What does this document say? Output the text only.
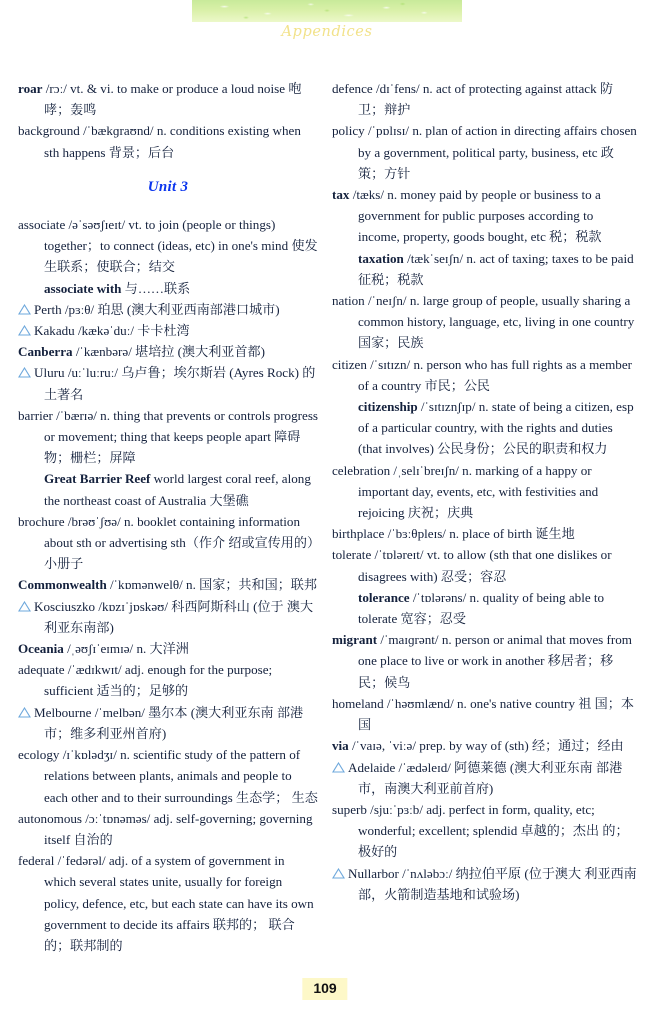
Appendices

roar /rɔː/ vt. & vi. to make or produce a loud noise 咆哮；轰鸣

background /ˈbækɡraʊnd/ n. conditions existing when sth happens 背景；后台

Unit 3

associate /əˈsəʊʃɪeɪt/ vt. to join (people or things) together；to connect (ideas, etc) in one's mind 使发生联系；使联合；结交

associate with 与……联系

Perth /pɜːθ/ 珀思 (澳大利亚西南部港口城市)

Kakadu /kækəˈduː/ 卡卡杜湾

Canberra /ˈkænbərə/ 堪培拉 (澳大利亚首都)

Uluru /uːˈluːruː/ 乌卢鲁；埃尔斯岩 (Ayres Rock) 的土著名

barrier /ˈbærɪə/ n. thing that prevents or controls progress or movement; thing that keeps people apart 障碍物；栅栏；屏障

Great Barrier Reef world largest coral reef, along the northeast coast of Australia 大堡礁

brochure /brəʊˈʃʊə/ n. booklet containing information about sth or advertising sth（作介 绍或宣传用的）小册子

Commonwealth /ˈkɒmənwelθ/ n. 国家；共和国；联邦

Kosciuszko /kɒzɪˈjɒskəʊ/ 科西阿斯科山 (位于 澳大利亚东南部)

Oceania /ˌəʊʃɪˈeɪmɪə/ n. 大洋洲

adequate /ˈædɪkwɪt/ adj. enough for the purpose; sufficient 适当的；足够的

Melbourne /ˈmelbən/ 墨尔本 (澳大利亚东南 部港市；维多利亚州首府)

ecology /ɪˈkɒlədʒɪ/ n. scientific study of the pattern of relations between plants, animals and people to each other and to their surroundings 生态学； 生态

autonomous /ɔːˈtɒnəməs/ adj. self-governing; governing itself 自治的

federal /ˈfedərəl/ adj. of a system of government in which several states unite, usually for foreign policy, defence, etc, but each state can have its own government to decide its affairs 联邦的； 联合的；联邦制的

defence /dɪˈfens/ n. act of protecting against attack 防卫；辩护

policy /ˈpɒlɪsɪ/ n. plan of action in directing affairs chosen by a government, political party, business, etc 政策；方针

tax /tæks/ n. money paid by people or business to a government for public purposes according to income, property, goods bought, etc 税；税款

taxation /tækˈseɪʃn/ n. act of taxing; taxes to be paid 征税；税款

nation /ˈneɪʃn/ n. large group of people, usually sharing a common history, language, etc, living in one country 国家；民族

citizen /ˈsɪtɪzn/ n. person who has full rights as a member of a country 市民；公民

citizenship /ˈsɪtɪznʃɪp/ n. state of being a citizen, esp of a particular country, with the rights and duties (that involves) 公民身份；公民的职责和权力

celebration /ˌselɪˈbreɪʃn/ n. marking of a happy or important day, events, etc, with festivities and rejoicing 庆祝；庆典

birthplace /ˈbɜːθpleɪs/ n. place of birth 诞生地

tolerate /ˈtɒləreɪt/ vt. to allow (sth that one dislikes or disagrees with) 忍受；容忍

tolerance /ˈtɒlərəns/ n. quality of being able to tolerate 宽容；忍受

migrant /ˈmaɪɡrənt/ n. person or animal that moves from one place to live or work in another 移居者；移民；候鸟

homeland /ˈhəʊmlænd/ n. one's native country 祖 国；本国

via /ˈvaɪə, ˈviːə/ prep. by way of (sth) 经；通过；经由

Adelaide /ˈædəleɪd/ 阿德莱德 (澳大利亚东南 部港市，南澳大利亚前首府)

superb /sjuːˈpɜːb/ adj. perfect in form, quality, etc; wonderful; excellent; splendid 卓越的；杰出 的；极好的

Nullarbor /ˈnʌləbɔː/ 纳拉伯平原 (位于澳大 利亚西南部，火箭制造基地和试验场)

109
